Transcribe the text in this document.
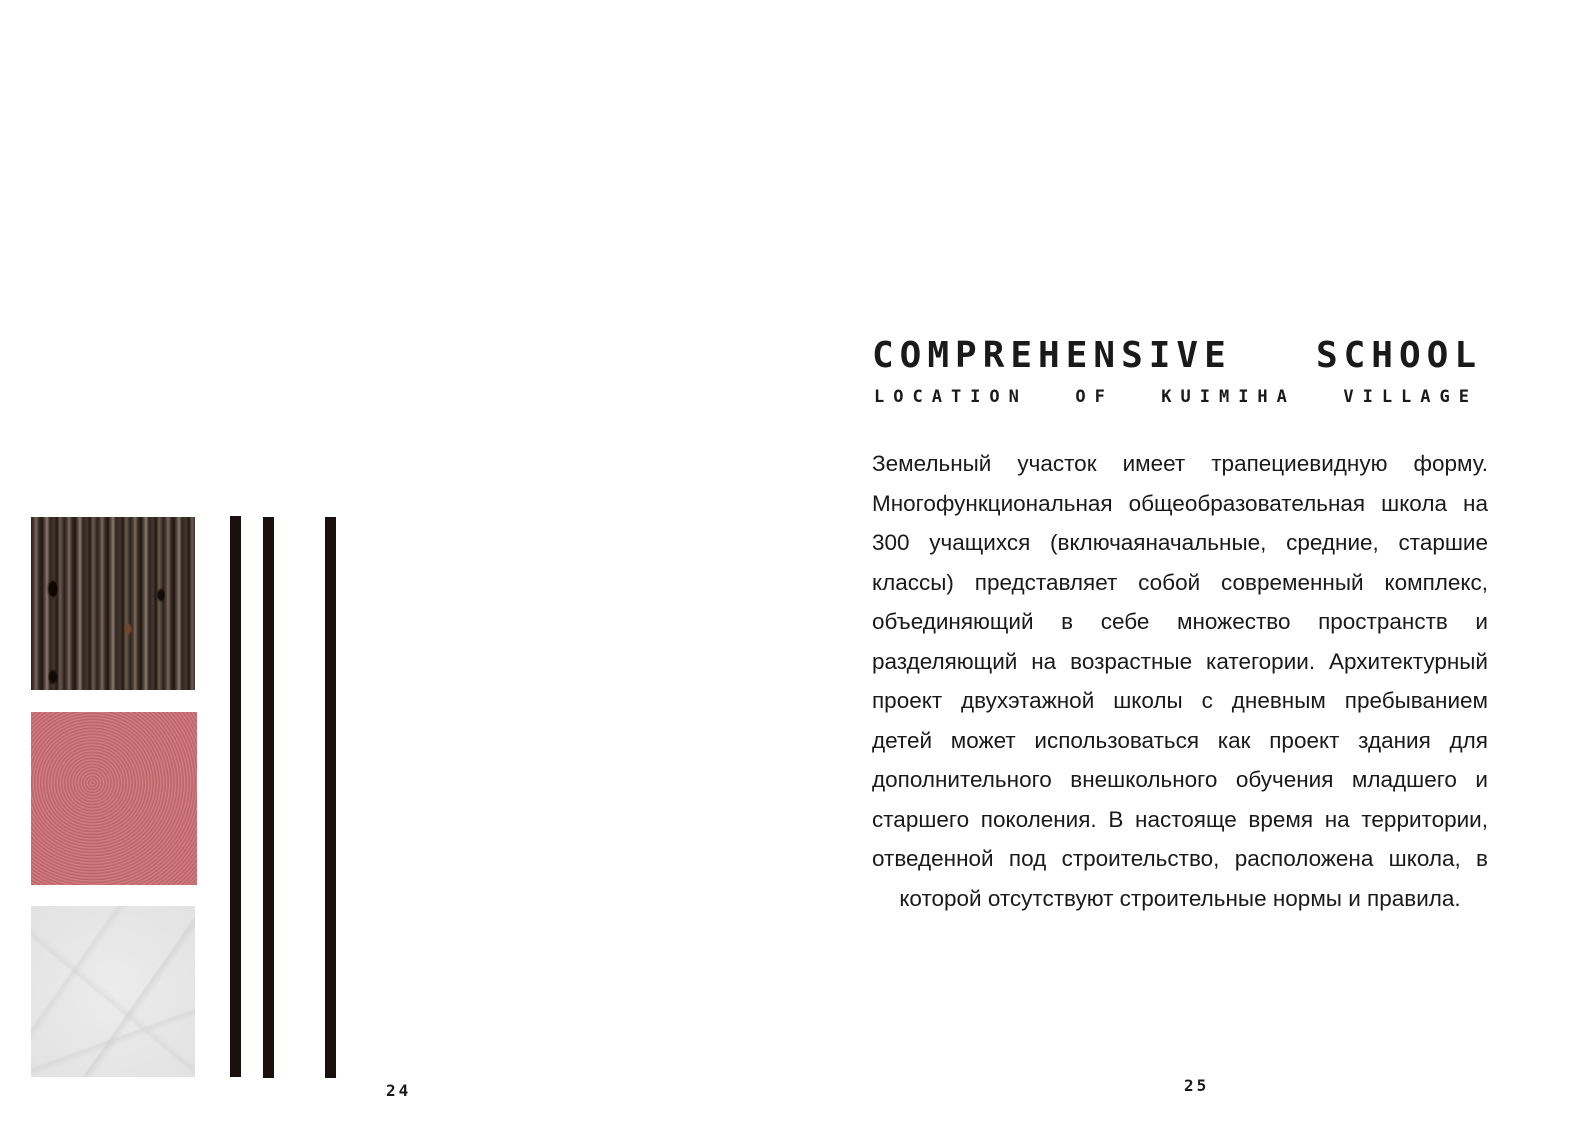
24
COMPREHENSIVE SCHOOL
LOCATION OF KUIMIHA VILLAGE
Земельный участок имеет трапециевидную форму. Многофункциональная общеобразовательная школа на 300 учащихся (включаяначальные, средние, старшие классы) представляет собой современный комплекс, объединяющий в себе множество пространств и разделяющий на возрастные категории. Архитектурный проект двухэтажной школы с дневным пребыванием детей может использоваться как проект здания для дополнительного внешкольного обучения младшего и старшего поколения. В настояще время на территории, отведенной под строительство, расположена школа, в которой отсутствуют строительные нормы и правила.
25
